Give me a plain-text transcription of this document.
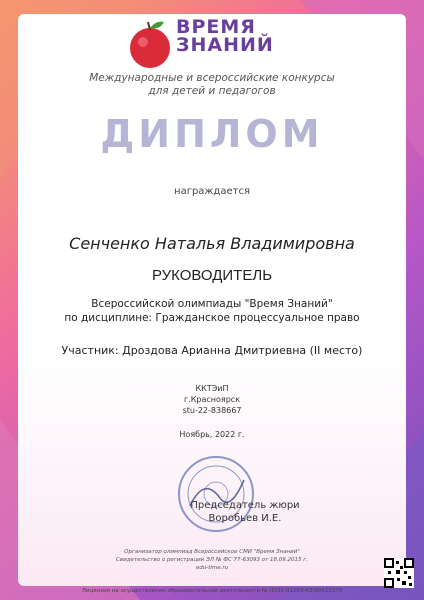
ВРЕМЯ
ЗНАНИЙ
Международные и всероссийские конкурсы
для детей и педагогов
ДИПЛОМ
награждается
Сенченко Наталья Владимировна
РУКОВОДИТЕЛЬ
Всероссийской олимпиады "Время Знаний"
по дисциплине: Гражданское процессуальное право
Участник: Дроздова Арианна Дмитриевна (II место)
ККТЭиП
г.Красноярск
stu-22-838667
Ноябрь, 2022 г.
Председатель жюри
Воробьев И.Е.
Организатор олимпиад Всероссийское СМИ "Время Знаний"
Свидетельство о регистрации ЭЛ № ФС 77-63093 от 18.09.2015 г.
edu-time.ru
Лицензия на осуществление образовательной деятельности № Л035-01263-63/00622379
